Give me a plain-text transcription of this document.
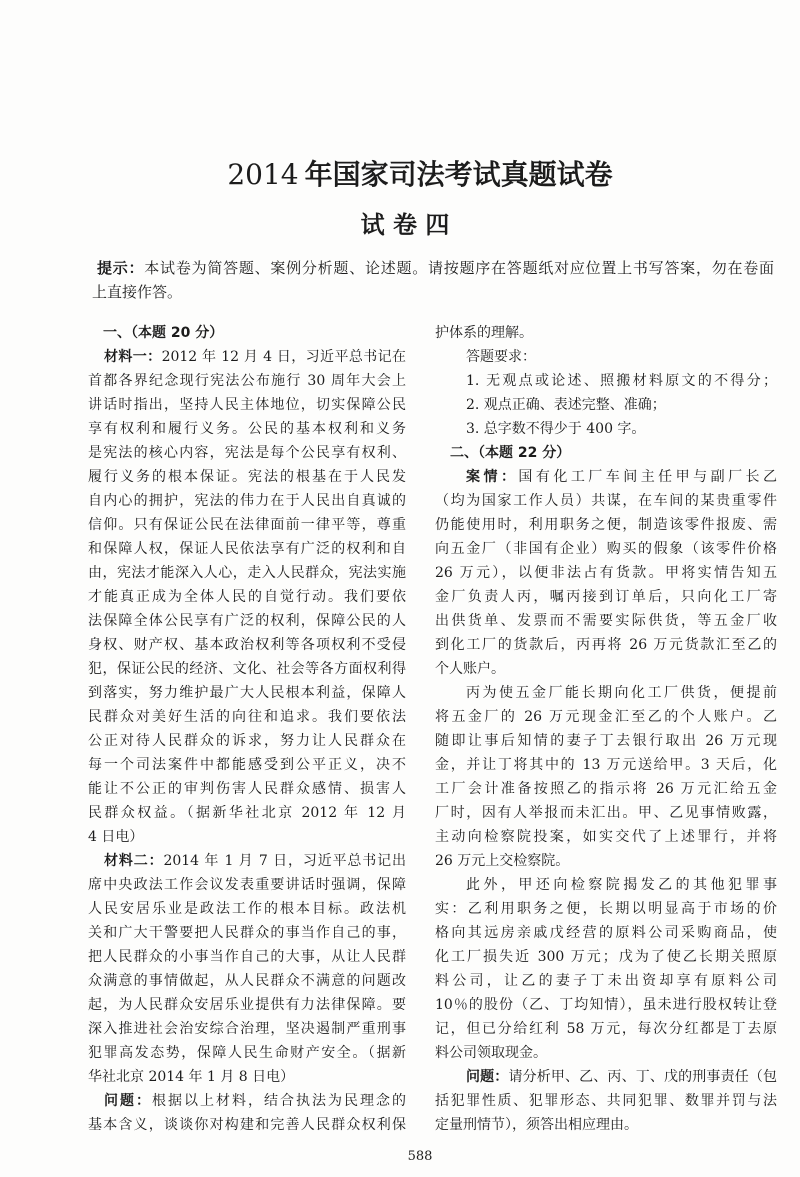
2014 年国家司法考试真题试卷
试 卷 四
提示：本试卷为简答题、案例分析题、论述题。请按题序在答题纸对应位置上书写答案，勿在卷面
上直接作答。
一、（本题 20 分）
材料一：2012 年 12 月 4 日，习近平总书记在
首都各界纪念现行宪法公布施行 30 周年大会上
讲话时指出，坚持人民主体地位，切实保障公民
享有权利和履行义务。公民的基本权利和义务
是宪法的核心内容，宪法是每个公民享有权利、
履行义务的根本保证。宪法的根基在于人民发
自内心的拥护，宪法的伟力在于人民出自真诚的
信仰。只有保证公民在法律面前一律平等，尊重
和保障人权，保证人民依法享有广泛的权利和自
由，宪法才能深入人心，走入人民群众，宪法实施
才能真正成为全体人民的自觉行动。我们要依
法保障全体公民享有广泛的权利，保障公民的人
身权、财产权、基本政治权利等各项权利不受侵
犯，保证公民的经济、文化、社会等各方面权利得
到落实，努力维护最广大人民根本利益，保障人
民群众对美好生活的向往和追求。我们要依法
公正对待人民群众的诉求，努力让人民群众在
每一个司法案件中都能感受到公平正义，决不
能让不公正的审判伤害人民群众感情、损害人
民群众权益。（据新华社北京 2012 年 12 月
4 日电）
材料二：2014 年 1 月 7 日，习近平总书记出
席中央政法工作会议发表重要讲话时强调，保障
人民安居乐业是政法工作的根本目标。政法机
关和广大干警要把人民群众的事当作自己的事，
把人民群众的小事当作自己的大事，从让人民群
众满意的事情做起，从人民群众不满意的问题改
起，为人民群众安居乐业提供有力法律保障。要
深入推进社会治安综合治理，坚决遏制严重刑事
犯罪高发态势，保障人民生命财产安全。（据新
华社北京 2014 年 1 月 8 日电）
问题：根据以上材料，结合执法为民理念的
基本含义，谈谈你对构建和完善人民群众权利保
护体系的理解。
答题要求：
1. 无观点或论述、照搬材料原文的不得分；
2. 观点正确、表述完整、准确；
3. 总字数不得少于 400 字。
二、（本题 22 分）
案情：国有化工厂车间主任甲与副厂长乙
（均为国家工作人员）共谋，在车间的某贵重零件
仍能使用时，利用职务之便，制造该零件报废、需
向五金厂（非国有企业）购买的假象（该零件价格
26 万元），以便非法占有货款。甲将实情告知五
金厂负责人丙，嘱丙接到订单后，只向化工厂寄
出供货单、发票而不需要实际供货，等五金厂收
到化工厂的货款后，丙再将 26 万元货款汇至乙的
个人账户。
丙为使五金厂能长期向化工厂供货，便提前
将五金厂的 26 万元现金汇至乙的个人账户。乙
随即让事后知情的妻子丁去银行取出 26 万元现
金，并让丁将其中的 13 万元送给甲。3 天后，化
工厂会计准备按照乙的指示将 26 万元汇给五金
厂时，因有人举报而未汇出。甲、乙见事情败露，
主动向检察院投案，如实交代了上述罪行，并将
26 万元上交检察院。
此外，甲还向检察院揭发乙的其他犯罪事
实：乙利用职务之便，长期以明显高于市场的价
格向其远房亲戚戊经营的原料公司采购商品，使
化工厂损失近 300 万元；戊为了使乙长期关照原
料公司，让乙的妻子丁未出资却享有原料公司
10％的股份（乙、丁均知情），虽未进行股权转让登
记，但已分给红利 58 万元，每次分红都是丁去原
料公司领取现金。
问题：请分析甲、乙、丙、丁、戊的刑事责任（包
括犯罪性质、犯罪形态、共同犯罪、数罪并罚与法
定量刑情节），须答出相应理由。
588
